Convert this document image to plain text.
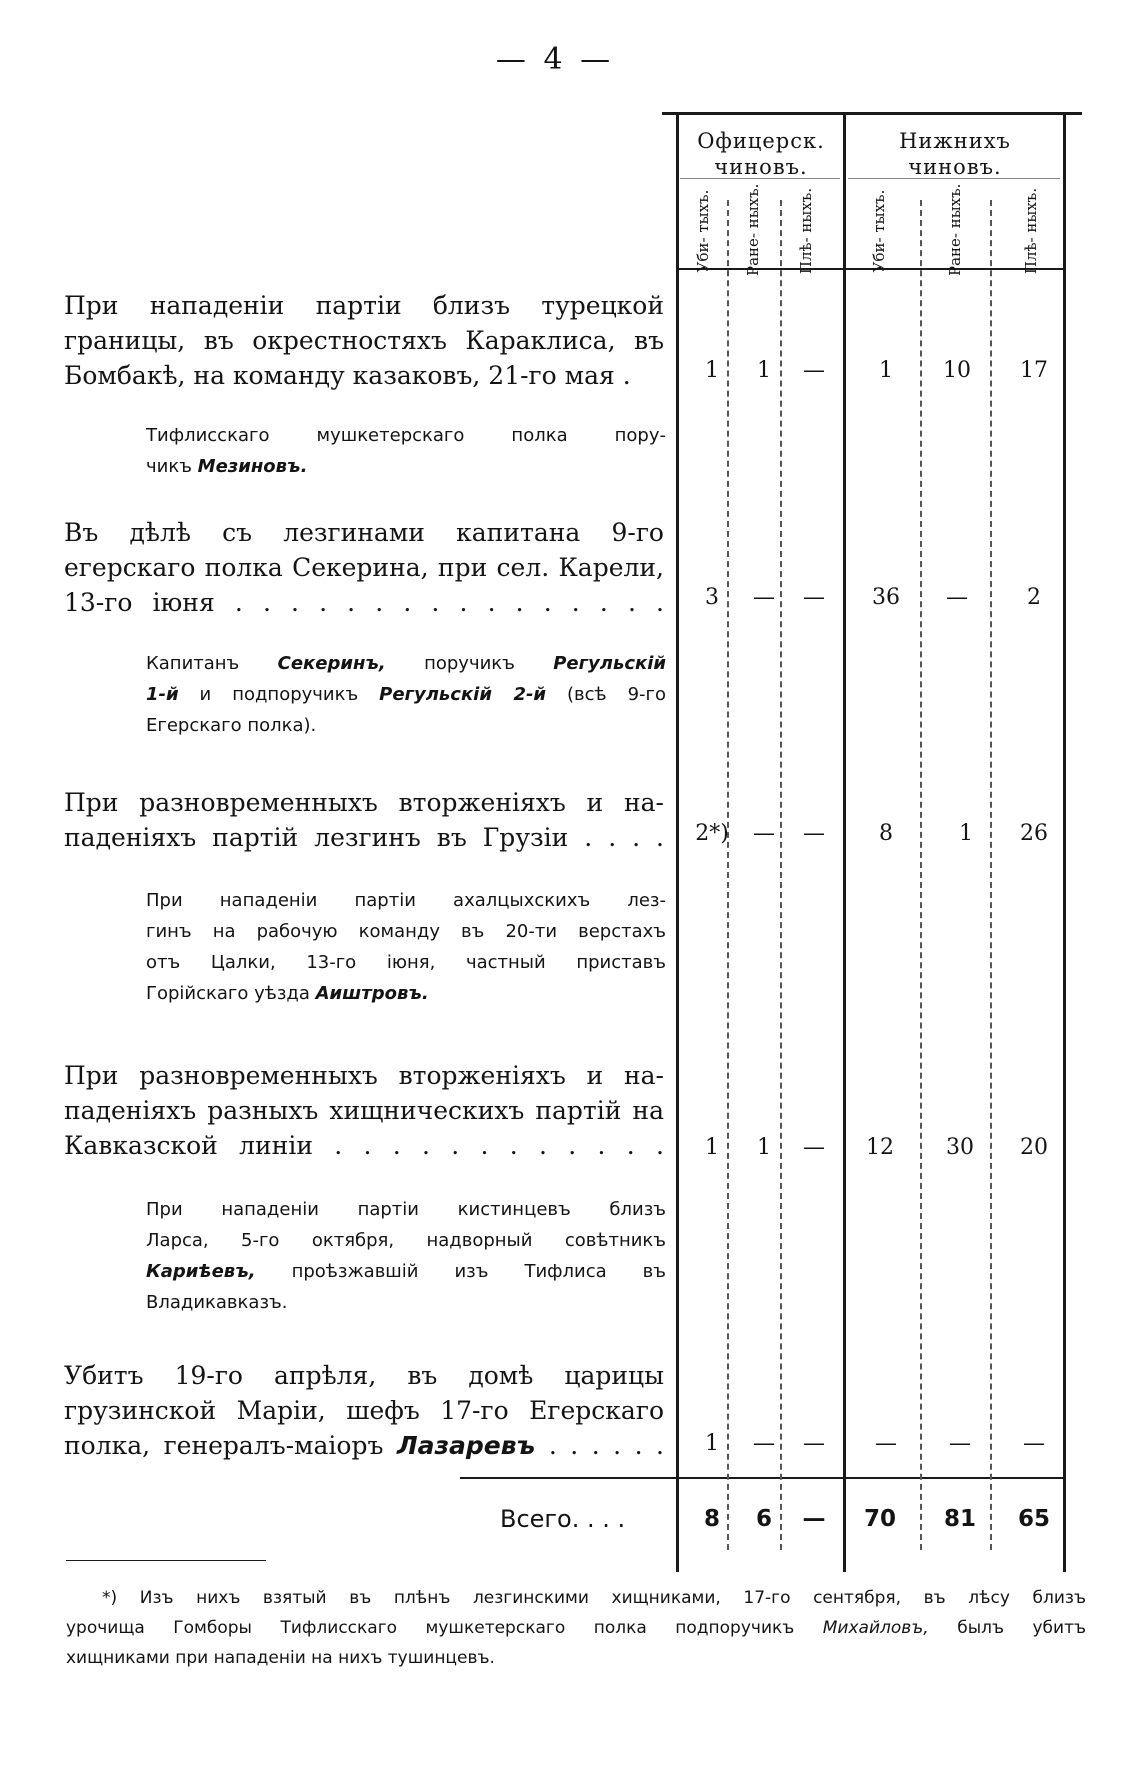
— 4 —
Офицерск. чиновъ.
Нижнихъ чиновъ.
Уби- тыхъ. Ране- ныхъ. Плѣ- ныхъ.	Уби- тыхъ.	Ране- ныхъ.	Плѣ- ныхъ.
При нападенiи партiи близъ турецкой
границы, въ окрестностяхъ Караклиса, въ
Бомбакѣ, на команду казаковъ, 21-го мая .	1	1	—	1	10	17
Тифлисскаго мушкетерскаго полка пору-
чикъ Мезиновъ.
Въ дѣлѣ съ лезгинами капитана 9-го
егерскаго полка Секерина, при сел. Карели,
13-го iюня . . . . . . . . . . . . . . . .	3	—	—	36	—	2
Капитанъ Секеринъ, поручикъ Регульскiй
1-й и подпоручикъ Регульскiй 2-й (всѣ 9-го
Егерскаго полка).
При разновременныхъ вторженiяхъ и на-
паденiяхъ партiй лезгинъ въ Грузiи . . . .	2*)	—	—	8	1	26
При нападенiи партiи ахалцыхскихъ лез-
гинъ на рабочую команду въ 20-ти верстахъ
отъ Цалки, 13-го iюня, частный приставъ
Горiйскаго уѣзда Аиштровъ.
При разновременныхъ вторженiяхъ и на-
паденiяхъ разныхъ хищническихъ партiй на
Кавказской линiи . . . . . . . . . . . .	1	1	—	12	30	20
При нападенiи партiи кистинцевъ близъ
Ларса, 5-го октября, надворный совѣтникъ
Кариѣевъ, проѣзжавшiй изъ Тифлиса въ
Владикавказъ.
Убитъ 19-го апрѣля, въ домѣ царицы
грузинской Марiи, шефъ 17-го Егерскаго
полка, генералъ-маiоръ Лазаревъ . . . . . .	1	—	—	—	—	—
Всего. . . .	8	6	—	70 81 65
*) Изъ нихъ взятый въ плѣнъ лезгинскими хищниками, 17-го сентября, въ лѣсу близъ
урочища Гомборы Тифлисскаго мушкетерскаго полка подпоручикъ Михайловъ, былъ убитъ
хищниками при нападенiи на нихъ тушинцевъ.
